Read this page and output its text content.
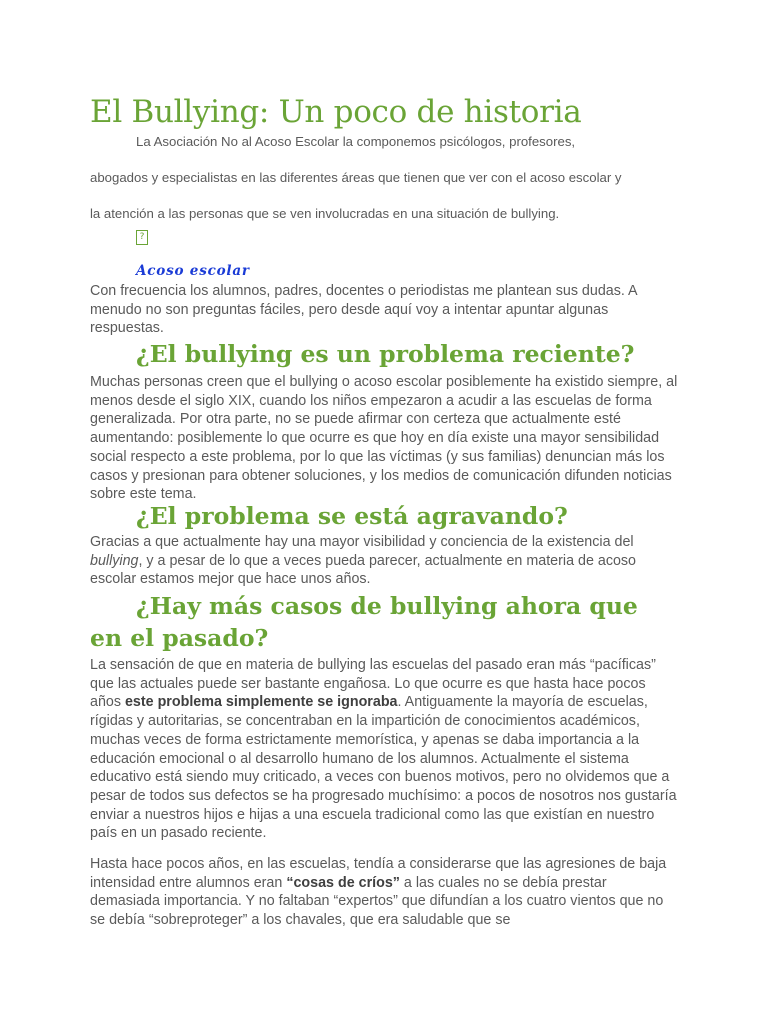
El Bullying: Un poco de historia
La Asociación No al Acoso Escolar la componemos psicólogos, profesores,
abogados y especialistas en las diferentes áreas que tienen que ver con el acoso escolar y
la atención a las personas que se ven involucradas en una situación de bullying.
?
Acoso escolar

Con frecuencia los alumnos, padres, docentes o periodistas me plantean sus dudas. A menudo no son preguntas fáciles, pero desde aquí voy a intentar apuntar algunas respuestas.

¿El bullying es un problema reciente?

Muchas personas creen que el bullying o acoso escolar posiblemente ha existido siempre, al menos desde el siglo XIX, cuando los niños empezaron a acudir a las escuelas de forma generalizada. Por otra parte, no se puede afirmar con certeza que actualmente esté aumentando: posiblemente lo que ocurre es que hoy en día existe una mayor sensibilidad social respecto a este problema, por lo que las víctimas (y sus familias) denuncian más los casos y presionan para obtener soluciones, y los medios de comunicación difunden noticias sobre este tema.

¿El problema se está agravando?

Gracias a que actualmente hay una mayor visibilidad y conciencia de la existencia del bullying, y a pesar de lo que a veces pueda parecer, actualmente en materia de acoso escolar estamos mejor que hace unos años.

¿Hay más casos de bullying ahora que
en el pasado?

La sensación de que en materia de bullying las escuelas del pasado eran más “pacíficas” que las actuales puede ser bastante engañosa. Lo que ocurre es que hasta hace pocos años este problema simplemente se ignoraba. Antiguamente la mayoría de escuelas, rígidas y autoritarias, se concentraban en la impartición de conocimientos académicos, muchas veces de forma estrictamente memorística, y apenas se daba importancia a la educación emocional o al desarrollo humano de los alumnos. Actualmente el sistema educativo está siendo muy criticado, a veces con buenos motivos, pero no olvidemos que a pesar de todos sus defectos se ha progresado muchísimo: a pocos de nosotros nos gustaría enviar a nuestros hijos e hijas a una escuela tradicional como las que existían en nuestro país en un pasado reciente.

Hasta hace pocos años, en las escuelas, tendía a considerarse que las agresiones de baja intensidad entre alumnos eran “cosas de críos” a las cuales no se debía prestar demasiada importancia. Y no faltaban “expertos” que difundían a los cuatro vientos que no se debía “sobreproteger” a los chavales, que era saludable que se
